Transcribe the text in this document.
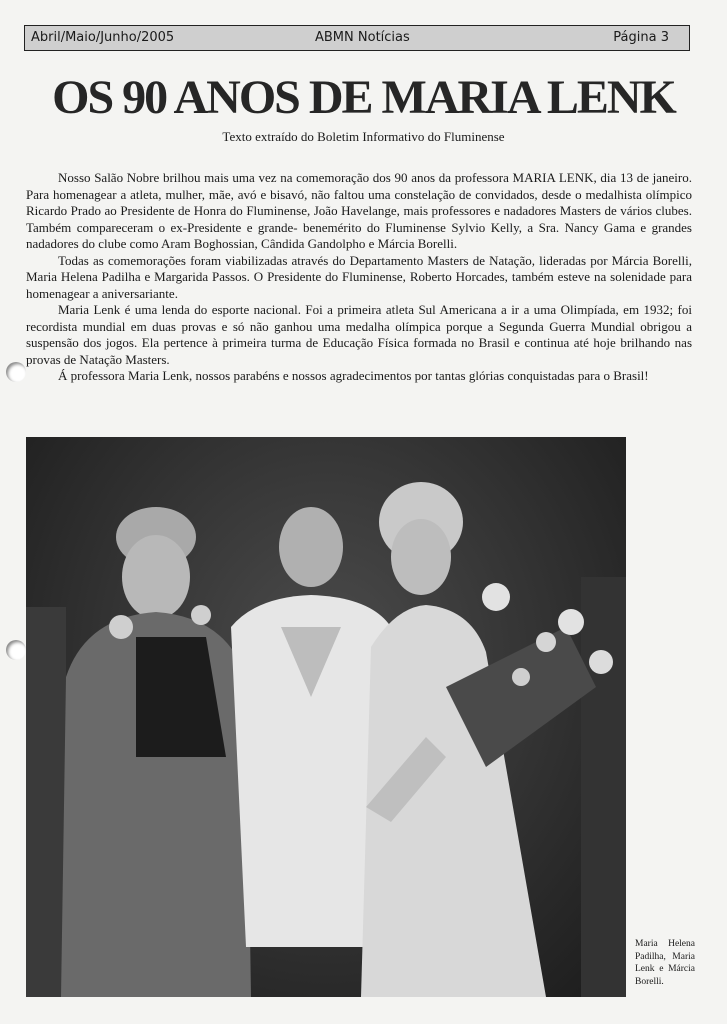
Abril/Maio/Junho/2005	ABMN Notícias	Página 3
OS 90 ANOS DE MARIA LENK

Texto extraído do Boletim Informativo do Fluminense

Nosso Salão Nobre brilhou mais uma vez na comemoração dos 90 anos da professora MARIA LENK, dia 13 de janeiro. Para homenagear a atleta, mulher, mãe, avó e bisavó, não faltou uma constelação de convidados, desde o medalhista olímpico Ricardo Prado ao Presidente de Honra do Fluminense, João Havelange, mais professores e nadadores Masters de vários clubes. Também compareceram o ex-Presidente e grande- benemérito do Fluminense Sylvio Kelly, a Sra. Nancy Gama e grandes nadadores do clube como Aram Boghossian, Cândida Gandolpho e Márcia Borelli.

Todas as comemorações foram viabilizadas através do Departamento Masters de Natação, lideradas por Márcia Borelli, Maria Helena Padilha e Margarida Passos. O Presidente do Fluminense, Roberto Horcades, também esteve na solenidade para homenagear a aniversariante.

Maria Lenk é uma lenda do esporte nacional. Foi a primeira atleta Sul Americana a ir a uma Olimpíada, em 1932; foi recordista mundial em duas provas e só não ganhou uma medalha olímpica porque a Segunda Guerra Mundial obrigou a suspensão dos jogos. Ela pertence à primeira turma de Educação Física formada no Brasil e continua até hoje brilhando nas provas de Natação Masters.

Á professora Maria Lenk, nossos parabéns e nossos agradecimentos por tantas glórias conquistadas para o Brasil!

Maria Helena Padilha, Maria Lenk e Márcia Borelli.
